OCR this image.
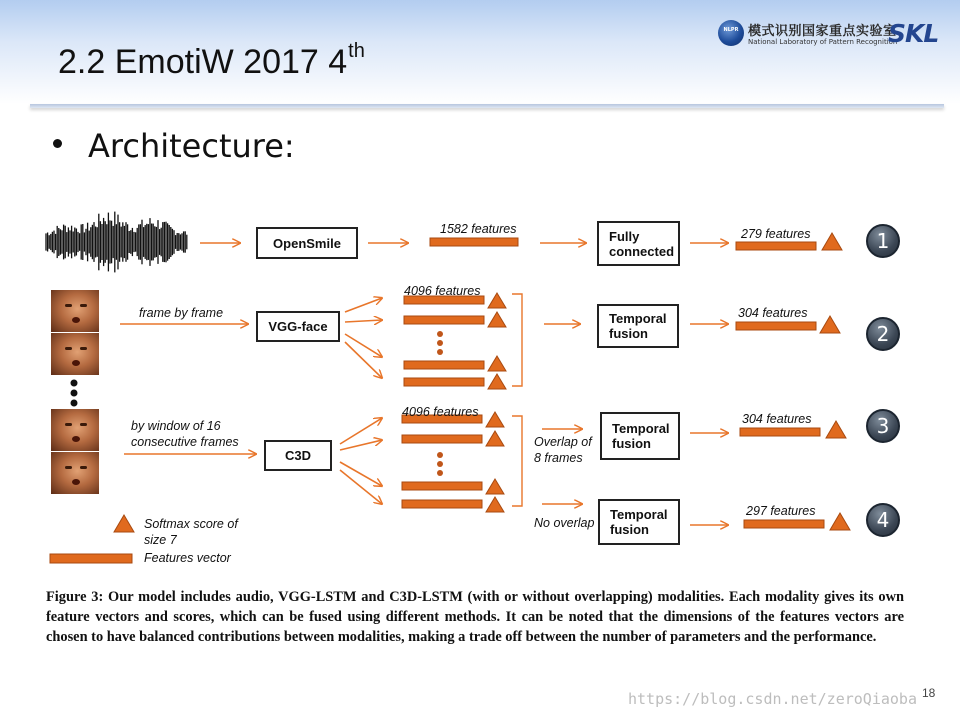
2.2 EmotiW 2017 4th
NLPR 模式识别国家重点实验室
National Laboratory of Pattern Recognition
SKL
Architecture:
OpenSmile	Fully connected
VGG-face
Temporal fusion
C3D
Temporal fusion
Temporal fusion
1582 features	279 features
frame by frame
4096 features
304 features
4096 features
by window of 16 consecutive frames	Overlap of 8 frames
304 features
No overlap
297 features
Softmax score of size 7
Features vector
1
2
3
4
Figure 3: Our model includes audio, VGG-LSTM and C3D-LSTM (with or without overlapping) modalities. Each modality gives its own feature vectors and scores, which can be fused using different methods. It can be noted that the dimensions of the features vectors are chosen to have balanced contributions between modalities, making a trade off between the number of parameters and the performance.
18
https://blog.csdn.net/zeroQiaoba
